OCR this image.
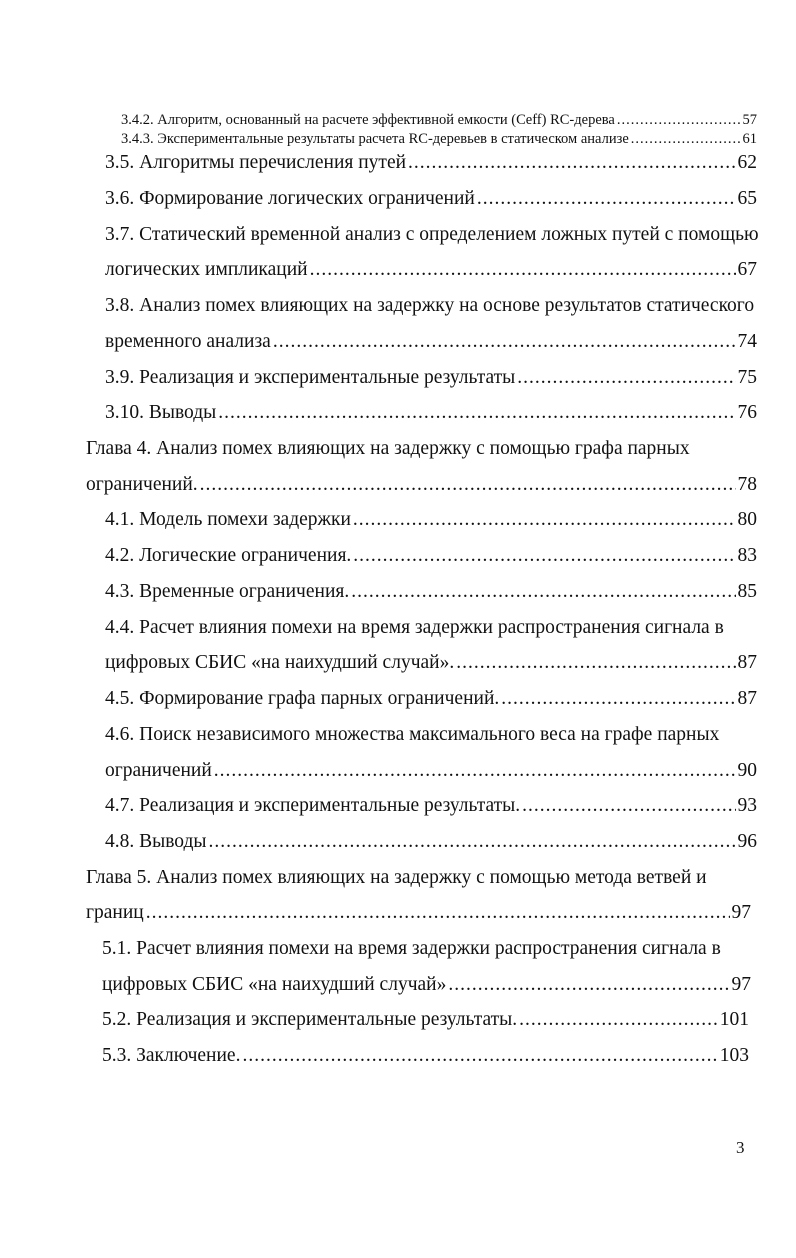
3.4.2. Алгоритм, основанный на расчете эффективной емкости (Ceff) RC-дерева .....	57
3.4.3. Экспериментальные результаты расчета RC-деревьев в статическом анализе .....	61
3.5. Алгоритмы перечисления путей .....	62
3.6. Формирование логических ограничений .....	65
3.7. Статический временной анализ с определением ложных путей с помощью
логических импликаций .....	67
3.8. Анализ помех влияющих на задержку на основе результатов статического
временного анализа .....	74
3.9. Реализация и экспериментальные результаты .....	75
3.10. Выводы .....	76
Глава 4. Анализ помех влияющих на задержку с помощью графа парных
ограничений. .....	78
4.1. Модель помехи задержки .....	80
4.2. Логические ограничения. .....	83
4.3. Временные ограничения. .....	85
4.4. Расчет влияния помехи на время задержки распространения сигнала в
цифровых СБИС «на наихудший случай». .....	87
4.5. Формирование графа парных ограничений. .....	87
4.6. Поиск независимого множества максимального веса на графе парных
ограничений .....	90
4.7. Реализация и экспериментальные результаты. .....	93
4.8. Выводы .....	96
Глава 5. Анализ помех влияющих на задержку с помощью метода ветвей и
границ .....	97
5.1. Расчет влияния помехи на время задержки распространения сигнала в
цифровых СБИС «на наихудший случай» .....	97
5.2. Реализация и экспериментальные результаты. .....	101
5.3. Заключение. .....	103
3
